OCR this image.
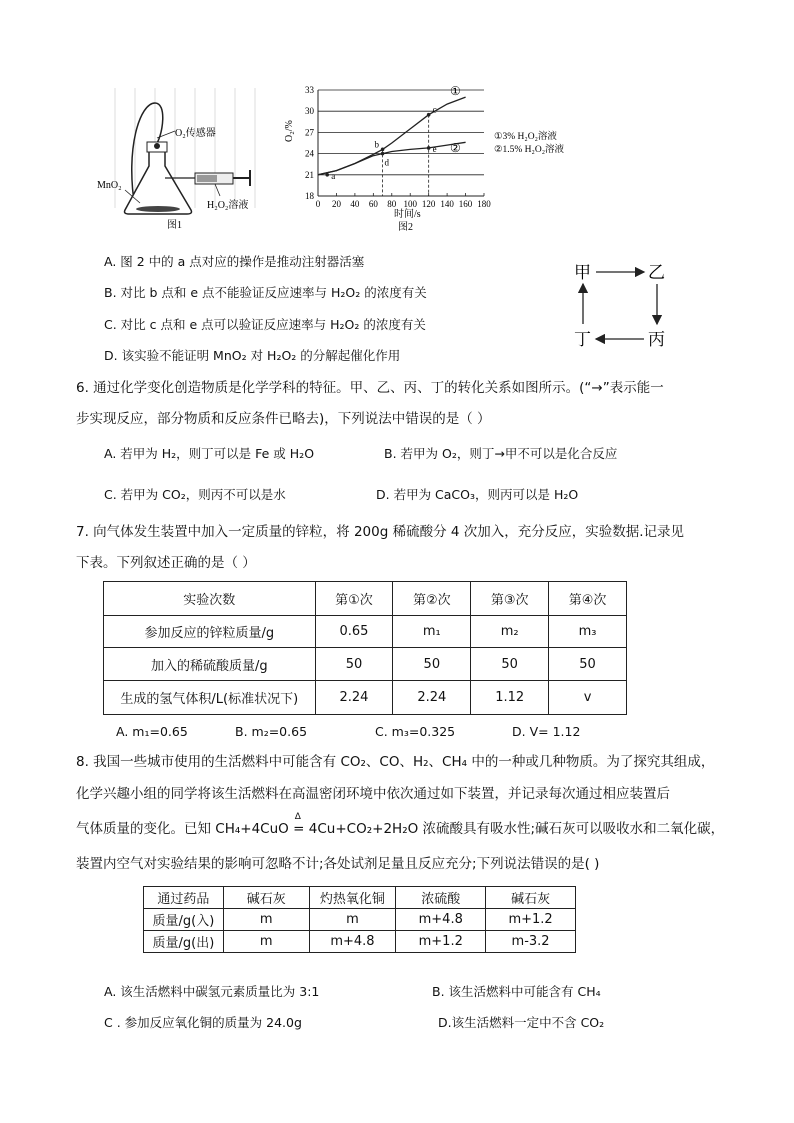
O₂传感器
MnO₂
H₂O₂溶液
图1
18
21
24
27
30
33
0 20 40 60 80 100 120 140 160 180
a
b
c
d
e
O₂/%
时间/s
图2
①3% H₂O₂溶液
②1.5% H₂O₂溶液
①
②
A. 图 2 中的 a 点对应的操作是推动注射器活塞
B. 对比 b 点和 e 点不能验证反应速率与 H₂O₂ 的浓度有关
C. 对比 c 点和 e 点可以验证反应速率与 H₂O₂ 的浓度有关
D. 该实验不能证明 MnO₂ 对 H₂O₂ 的分解起催化作用
甲	乙
丙
丁
6. 通过化学变化创造物质是化学学科的特征。甲、乙、丙、丁的转化关系如图所示。(“→”表示能一
步实现反应，部分物质和反应条件已略去)，下列说法中错误的是（ ）
A. 若甲为 H₂，则丁可以是 Fe 或 H₂O	B. 若甲为 O₂，则丁→甲不可以是化合反应
C. 若甲为 CO₂，则丙不可以是水	D. 若甲为 CaCO₃，则丙可以是 H₂O
7. 向气体发生装置中加入一定质量的锌粒，将 200g 稀硫酸分 4 次加入，充分反应，实验数据.记录见
下表。下列叙述正确的是（ ）
实验次数	第①次	第②次	第③次	第④次
参加反应的锌粒质量/g	0.65	m₁	m₂	m₃
加入的稀硫酸质量/g	50	50	50	50
生成的氢气体积/L(标准状况下)	2.24	2.24	1.12	v
A. m₁=0.65	B. m₂=0.65	C. m₃=0.325	D. V= 1.12
8. 我国一些城市使用的生活燃料中可能含有 CO₂、CO、H₂、CH₄ 中的一种或几种物质。为了探究其组成，
化学兴趣小组的同学将该生活燃料在高温密闭环境中依次通过如下装置，并记录每次通过相应装置后
气体质量的变化。已知 CH₄+4CuO =
Δ
4Cu+CO₂+2H₂O 浓硫酸具有吸水性;碱石灰可以吸收水和二氧化碳，
装置内空气对实验结果的影响可忽略不计;各处试剂足量且反应充分;下列说法错误的是( )
通过药品	碱石灰	灼热氧化铜	浓硫酸	碱石灰
质量/g(入)	m	m	m+4.8	m+1.2
质量/g(出)	m	m+4.8	m+1.2	m-3.2
A. 该生活燃料中碳氢元素质量比为 3:1	B. 该生活燃料中可能含有 CH₄
C . 参加反应氧化铜的质量为 24.0g	D.该生活燃料一定中不含 CO₂
